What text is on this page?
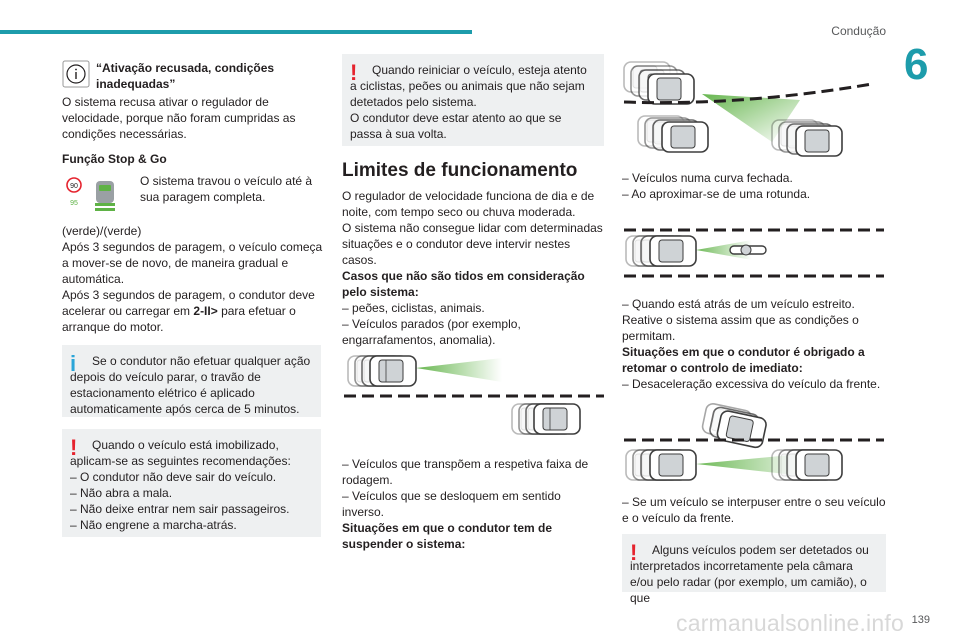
Condução
6
carmanualsonline.info 139
“Ativação recusada, condições inadequadas”

O sistema recusa ativar o regulador de velocidade, porque não foram cumpridas as condições necessárias.

Função Stop & Go

90
95
O sistema travou o veículo até à sua paragem completa.

(verde)/(verde)

Após 3 segundos de paragem, o veículo começa a mover-se de novo, de maneira gradual e automática.

Após 3 segundos de paragem, o condutor deve acelerar ou carregar em 2-II> para efetuar o arranque do motor.

i	Se o condutor não efetuar qualquer ação depois do veículo parar, o travão de estacionamento elétrico é aplicado automaticamente após cerca de 5 minutos.
!	Quando o veículo está imobilizado, aplicam-se as seguintes recomendações:
– O condutor não deve sair do veículo.
– Não abra a mala.
– Não deixe entrar nem sair passageiros.
– Não engrene a marcha-atrás.
!	Quando reiniciar o veículo, esteja atento a ciclistas, peões ou animais que não sejam detetados pelo sistema.
O condutor deve estar atento ao que se passa à sua volta.
Limites de funcionamento

O regulador de velocidade funciona de dia e de noite, com tempo seco ou chuva moderada.

O sistema não consegue lidar com determinadas situações e o condutor deve intervir nestes casos.

Casos que não são tidos em consideração pelo sistema:

– peões, ciclistas, animais.

– Veículos parados (por exemplo, engarrafamentos, anomalia).

– Veículos que transpõem a respetiva faixa de rodagem.

– Veículos que se desloquem em sentido inverso.

Situações em que o condutor tem de suspender o sistema:

– Veículos numa curva fechada.

– Ao aproximar-se de uma rotunda.

– Quando está atrás de um veículo estreito.

Reative o sistema assim que as condições o permitam.

Situações em que o condutor é obrigado a retomar o controlo de imediato:

– Desaceleração excessiva do veículo da frente.

– Se um veículo se interpuser entre o seu veículo e o veículo da frente.

!	Alguns veículos podem ser detetados ou interpretados incorretamente pela câmara e/ou pelo radar (por exemplo, um camião), o que
